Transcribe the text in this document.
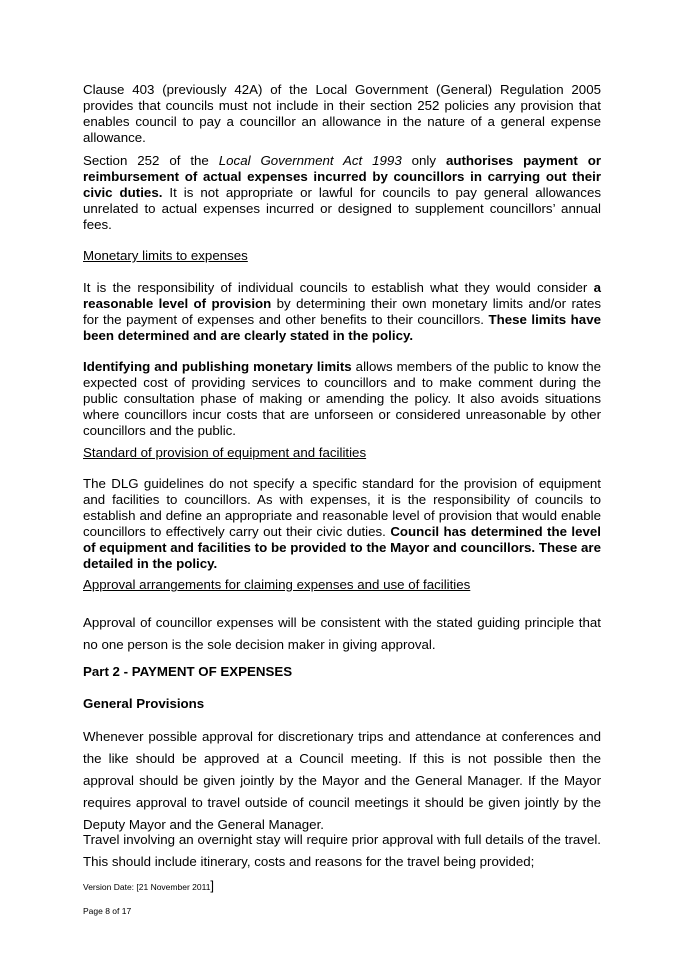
Clause 403 (previously 42A) of the Local Government (General) Regulation 2005 provides that councils must not include in their section 252 policies any provision that enables council to pay a councillor an allowance in the nature of a general expense allowance.

Section 252 of the Local Government Act 1993 only authorises payment or reimbursement of actual expenses incurred by councillors in carrying out their civic duties. It is not appropriate or lawful for councils to pay general allowances unrelated to actual expenses incurred or designed to supplement councillors’ annual fees.

Monetary limits to expenses

It is the responsibility of individual councils to establish what they would consider a reasonable level of provision by determining their own monetary limits and/or rates for the payment of expenses and other benefits to their councillors. These limits have been determined and are clearly stated in the policy.

Identifying and publishing monetary limits allows members of the public to know the expected cost of providing services to councillors and to make comment during the public consultation phase of making or amending the policy. It also avoids situations where councillors incur costs that are unforseen or considered unreasonable by other councillors and the public.

Standard of provision of equipment and facilities

The DLG guidelines do not specify a specific standard for the provision of equipment and facilities to councillors. As with expenses, it is the responsibility of councils to establish and define an appropriate and reasonable level of provision that would enable councillors to effectively carry out their civic duties. Council has determined the level of equipment and facilities to be provided to the Mayor and councillors. These are detailed in the policy.

Approval arrangements for claiming expenses and use of facilities

Approval of councillor expenses will be consistent with the stated guiding principle that no one person is the sole decision maker in giving approval.

Part 2 - PAYMENT OF EXPENSES

General Provisions

Whenever possible approval for discretionary trips and attendance at conferences and the like should be approved at a Council meeting. If this is not possible then the approval should be given jointly by the Mayor and the General Manager. If the Mayor requires approval to travel outside of council meetings it should be given jointly by the Deputy Mayor and the General Manager.

Travel involving an overnight stay will require prior approval with full details of the travel. This should include itinerary, costs and reasons for the travel being provided;

Version Date: [21 November 2011]

Page 8 of 17
